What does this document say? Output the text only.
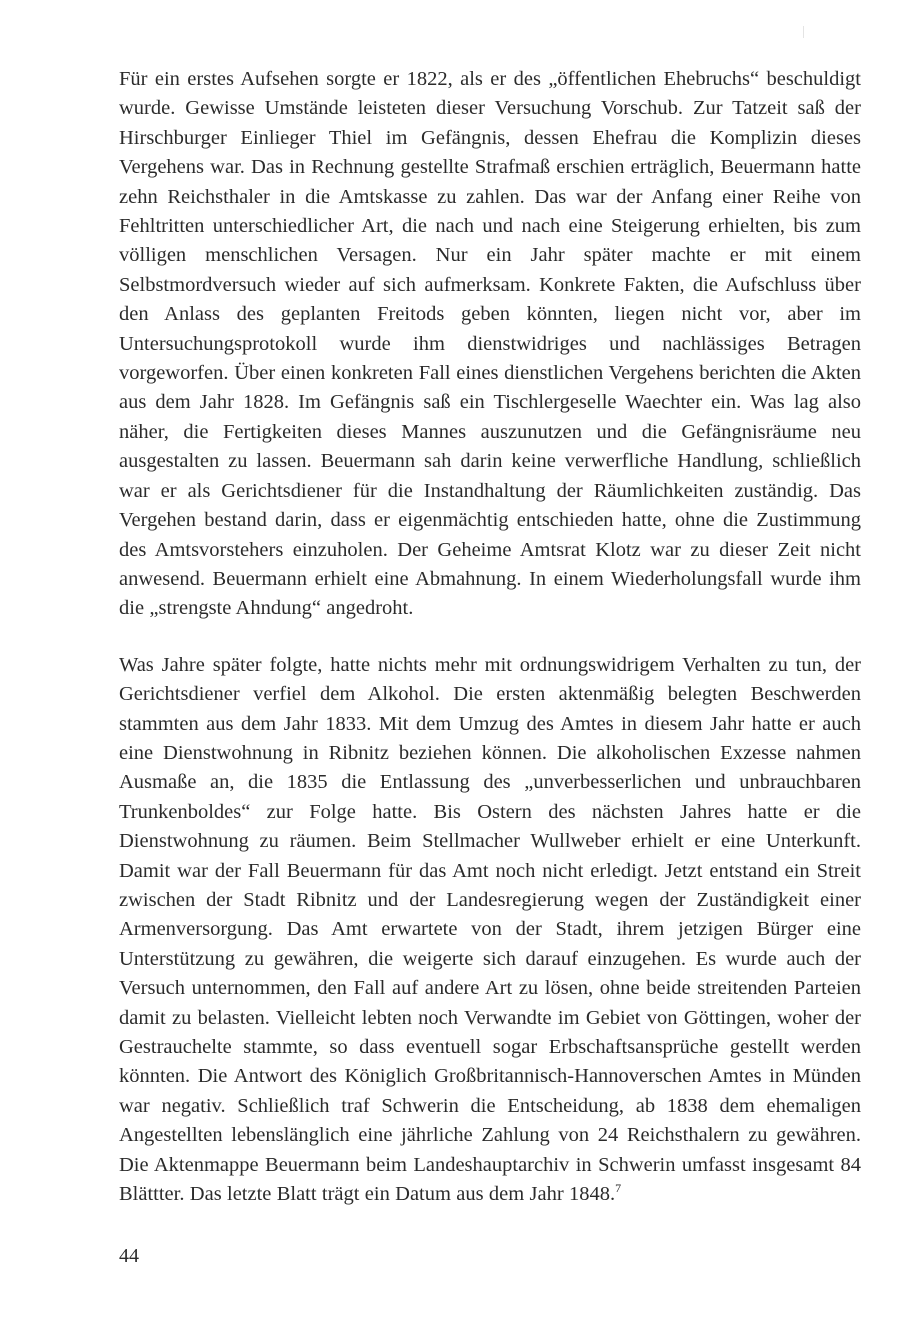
Für ein erstes Aufsehen sorgte er 1822, als er des „öffentlichen Ehebruchs“ beschuldigt wurde. Gewisse Umstände leisteten dieser Versuchung Vorschub. Zur Tatzeit saß der Hirschburger Einlieger Thiel im Gefängnis, dessen Ehefrau die Komplizin dieses Vergehens war. Das in Rechnung gestellte Strafmaß erschien erträglich, Beuermann hatte zehn Reichsthaler in die Amtskasse zu zahlen. Das war der Anfang einer Reihe von Fehltritten unterschiedlicher Art, die nach und nach eine Steigerung erhielten, bis zum völligen menschlichen Versagen. Nur ein Jahr später machte er mit einem Selbstmordversuch wieder auf sich aufmerksam. Konkrete Fakten, die Aufschluss über den Anlass des geplanten Freitods geben könnten, liegen nicht vor, aber im Untersuchungsprotokoll wurde ihm dienstwidriges und nachlässiges Betragen vorgeworfen. Über einen konkreten Fall eines dienstlichen Vergehens berichten die Akten aus dem Jahr 1828. Im Gefängnis saß ein Tischlergeselle Waechter ein. Was lag also näher, die Fertigkeiten dieses Mannes auszunutzen und die Gefängnisräume neu ausgestalten zu lassen. Beuermann sah darin keine verwerfliche Handlung, schließlich war er als Gerichtsdiener für die Instandhaltung der Räumlichkeiten zuständig. Das Vergehen bestand darin, dass er eigenmächtig entschieden hatte, ohne die Zustimmung des Amtsvorstehers einzuholen. Der Geheime Amtsrat Klotz war zu dieser Zeit nicht anwesend. Beuermann erhielt eine Abmahnung. In einem Wiederholungsfall wurde ihm die „strengste Ahndung“ angedroht.

Was Jahre später folgte, hatte nichts mehr mit ordnungswidrigem Verhalten zu tun, der Gerichtsdiener verfiel dem Alkohol. Die ersten aktenmäßig belegten Beschwerden stammten aus dem Jahr 1833. Mit dem Umzug des Amtes in diesem Jahr hatte er auch eine Dienstwohnung in Ribnitz beziehen können. Die alkoholischen Exzesse nahmen Ausmaße an, die 1835 die Entlassung des „unverbesserlichen und unbrauchbaren Trunkenboldes“ zur Folge hatte. Bis Ostern des nächsten Jahres hatte er die Dienstwohnung zu räumen. Beim Stellmacher Wullweber erhielt er eine Unterkunft. Damit war der Fall Beuermann für das Amt noch nicht erledigt. Jetzt entstand ein Streit zwischen der Stadt Ribnitz und der Landesregierung wegen der Zuständigkeit einer Armenversorgung. Das Amt erwartete von der Stadt, ihrem jetzigen Bürger eine Unterstützung zu gewähren, die weigerte sich darauf einzugehen. Es wurde auch der Versuch unternommen, den Fall auf andere Art zu lösen, ohne beide streitenden Parteien damit zu belasten. Vielleicht lebten noch Verwandte im Gebiet von Göttingen, woher der Gestrauchelte stammte, so dass eventuell sogar Erbschaftsansprüche gestellt werden könnten. Die Antwort des Königlich Großbritannisch-Hannoverschen Amtes in Münden war negativ. Schließlich traf Schwerin die Entscheidung, ab 1838 dem ehemaligen Angestellten lebenslänglich eine jährliche Zahlung von 24 Reichsthalern zu gewähren. Die Aktenmappe Beuermann beim Landeshauptarchiv in Schwerin umfasst insgesamt 84 Blättter. Das letzte Blatt trägt ein Datum aus dem Jahr 1848.$^7$

44
